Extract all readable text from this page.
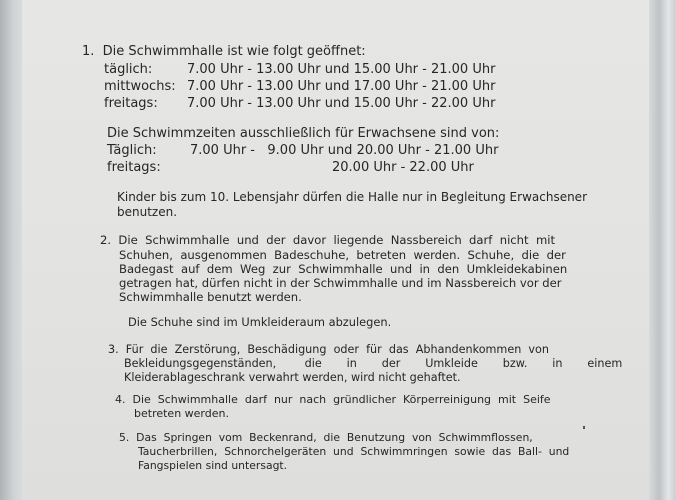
1.  Die Schwimmhalle ist wie folgt geöffnet:
täglich:	7.00 Uhr - 13.00 Uhr und 15.00 Uhr - 21.00 Uhr
mittwochs: 7.00 Uhr - 13.00 Uhr und 17.00 Uhr - 21.00 Uhr
freitags: 7.00 Uhr - 13.00 Uhr und 15.00 Uhr - 22.00 Uhr
Die Schwimmzeiten ausschließlich für Erwachsene sind von:
Täglich:	7.00 Uhr -   9.00 Uhr und 20.00 Uhr - 21.00 Uhr
freitags:	20.00 Uhr - 22.00 Uhr
Kinder bis zum 10. Lebensjahr dürfen die Halle nur in Begleitung Erwachsener
benutzen.
2.  Die  Schwimmhalle  und  der  davor  liegende  Nassbereich  darf  nicht  mit
Schuhen,  ausgenommen  Badeschuhe,  betreten  werden.  Schuhe,  die  der
Badegast  auf  dem  Weg  zur  Schwimmhalle  und  in  den  Umkleidekabinen
getragen hat, dürfen nicht in der Schwimmhalle und im Nassbereich vor der
Schwimmhalle benutzt werden.
Die Schuhe sind im Umkleideraum abzulegen.
3.  Für  die  Zerstörung,  Beschädigung  oder  für  das  Abhandenkommen  von
Bekleidungsgegenständen,        die       in       der       Umkleide       bzw.       in       einem
Kleiderablageschrank verwahrt werden, wird nicht gehaftet.
4.  Die  Schwimmhalle  darf  nur  nach  gründlicher  Körperreinigung  mit  Seife
betreten werden.
5.  Das  Springen  vom  Beckenrand,  die  Benutzung  von  Schwimmflossen,
Taucherbrillen,  Schnorchelgeräten  und  Schwimmringen  sowie  das  Ball-  und
Fangspielen sind untersagt.
